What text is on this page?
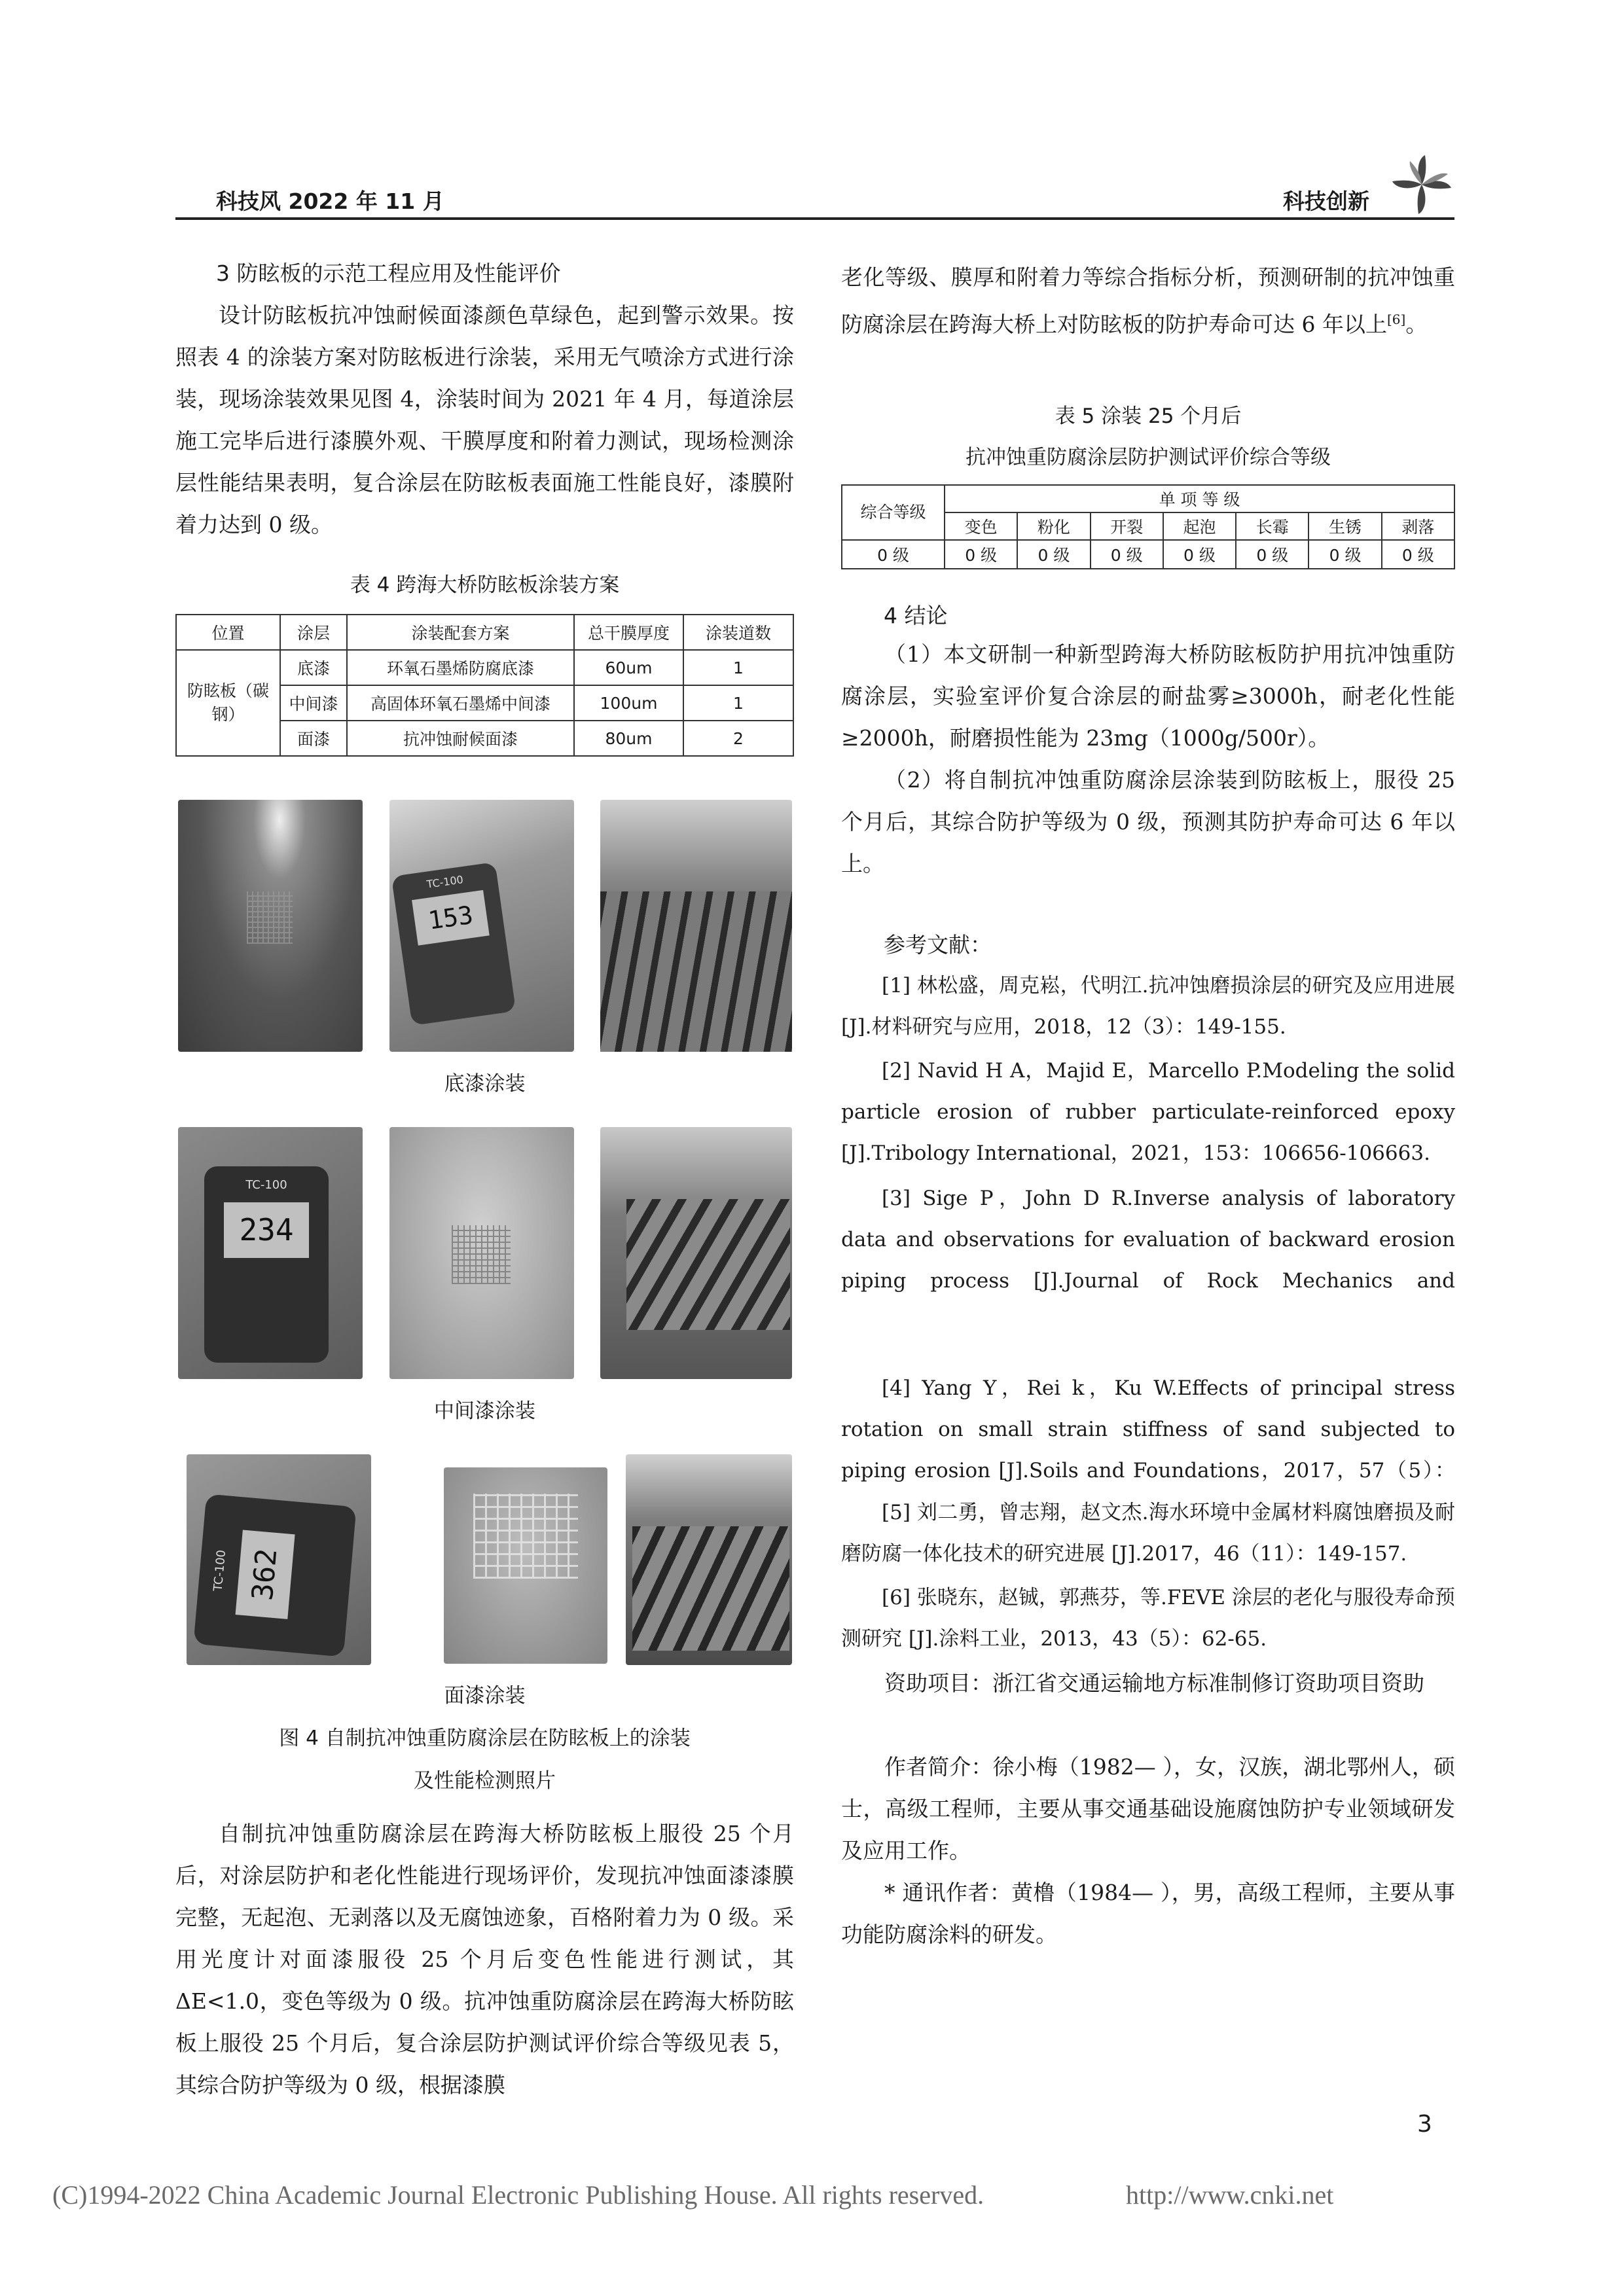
科技风 2022 年 11 月	科技创新
3 防眩板的示范工程应用及性能评价

设计防眩板抗冲蚀耐候面漆颜色草绿色，起到警示效果。按照表 4 的涂装方案对防眩板进行涂装，采用无气喷涂方式进行涂装，现场涂装效果见图 4，涂装时间为 2021 年 4 月，每道涂层施工完毕后进行漆膜外观、干膜厚度和附着力测试，现场检测涂层性能结果表明，复合涂层在防眩板表面施工性能良好，漆膜附着力达到 0 级。

表 4 跨海大桥防眩板涂装方案
位置	涂层	涂装配套方案	总干膜厚度	涂装道数
防眩板（碳钢）	底漆	环氧石墨烯防腐底漆	60um	1
	中间漆	高固体环氧石墨烯中间漆	100um	1
	面漆	抗冲蚀耐候面漆	80um	2
153
TC-100
底漆涂装
234
TC-100
中间漆涂装
362
TC-100
面漆涂装
图 4 自制抗冲蚀重防腐涂层在防眩板上的涂装
及性能检测照片

自制抗冲蚀重防腐涂层在跨海大桥防眩板上服役 25 个月后，对涂层防护和老化性能进行现场评价，发现抗冲蚀面漆漆膜完整，无起泡、无剥落以及无腐蚀迹象，百格附着力为 0 级。采用光度计对面漆服役 25 个月后变色性能进行测试，其 ΔE<1.0，变色等级为 0 级。抗冲蚀重防腐涂层在跨海大桥防眩板上服役 25 个月后，复合涂层防护测试评价综合等级见表 5，其综合防护等级为 0 级，根据漆膜

老化等级、膜厚和附着力等综合指标分析，预测研制的抗冲蚀重防腐涂层在跨海大桥上对防眩板的防护寿命可达 6 年以上[6]。

表 5 涂装 25 个月后
抗冲蚀重防腐涂层防护测试评价综合等级
综合等级	单 项 等 级						
	变色	粉化	开裂	起泡	长霉	生锈	剥落
0 级	0 级	0 级	0 级	0 级	0 级	0 级	0 级
4 结论

（1）本文研制一种新型跨海大桥防眩板防护用抗冲蚀重防腐涂层，实验室评价复合涂层的耐盐雾≥3000h，耐老化性能≥2000h，耐磨损性能为 23mg（1000g/500r）。

（2）将自制抗冲蚀重防腐涂层涂装到防眩板上，服役 25 个月后，其综合防护等级为 0 级，预测其防护寿命可达 6 年以上。

参考文献：

[1] 林松盛，周克崧，代明江.抗冲蚀磨损涂层的研究及应用进展 [J].材料研究与应用，2018，12（3）：149-155.

[2] Navid H A，Majid E，Marcello P.Modeling the solid particle erosion of rubber particulate-reinforced epoxy [J].Tribology International，2021，153：106656-106663.

[3] Sige P，John D R.Inverse analysis of laboratory data and observations for evaluation of backward erosion piping process [J].Journal of Rock Mechanics and

[4] Yang Y，Rei k，Ku W.Effects of principal stress rotation on small strain stiffness of sand subjected to piping erosion [J].Soils and Foundations，2017，57（5）：

[5] 刘二勇，曾志翔，赵文杰.海水环境中金属材料腐蚀磨损及耐磨防腐一体化技术的研究进展 [J].2017，46（11）：149-157.

[6] 张晓东，赵铖，郭燕芬，等.FEVE 涂层的老化与服役寿命预测研究 [J].涂料工业，2013，43（5）：62-65.

资助项目：浙江省交通运输地方标准制修订资助项目资助

作者简介：徐小梅（1982— ），女，汉族，湖北鄂州人，硕士，高级工程师，主要从事交通基础设施腐蚀防护专业领域研发及应用工作。

* 通讯作者：黄橹（1984— ），男，高级工程师，主要从事功能防腐涂料的研发。

3
(C)1994-2022 China Academic Journal Electronic Publishing House. All rights reserved.	http://www.cnki.net
